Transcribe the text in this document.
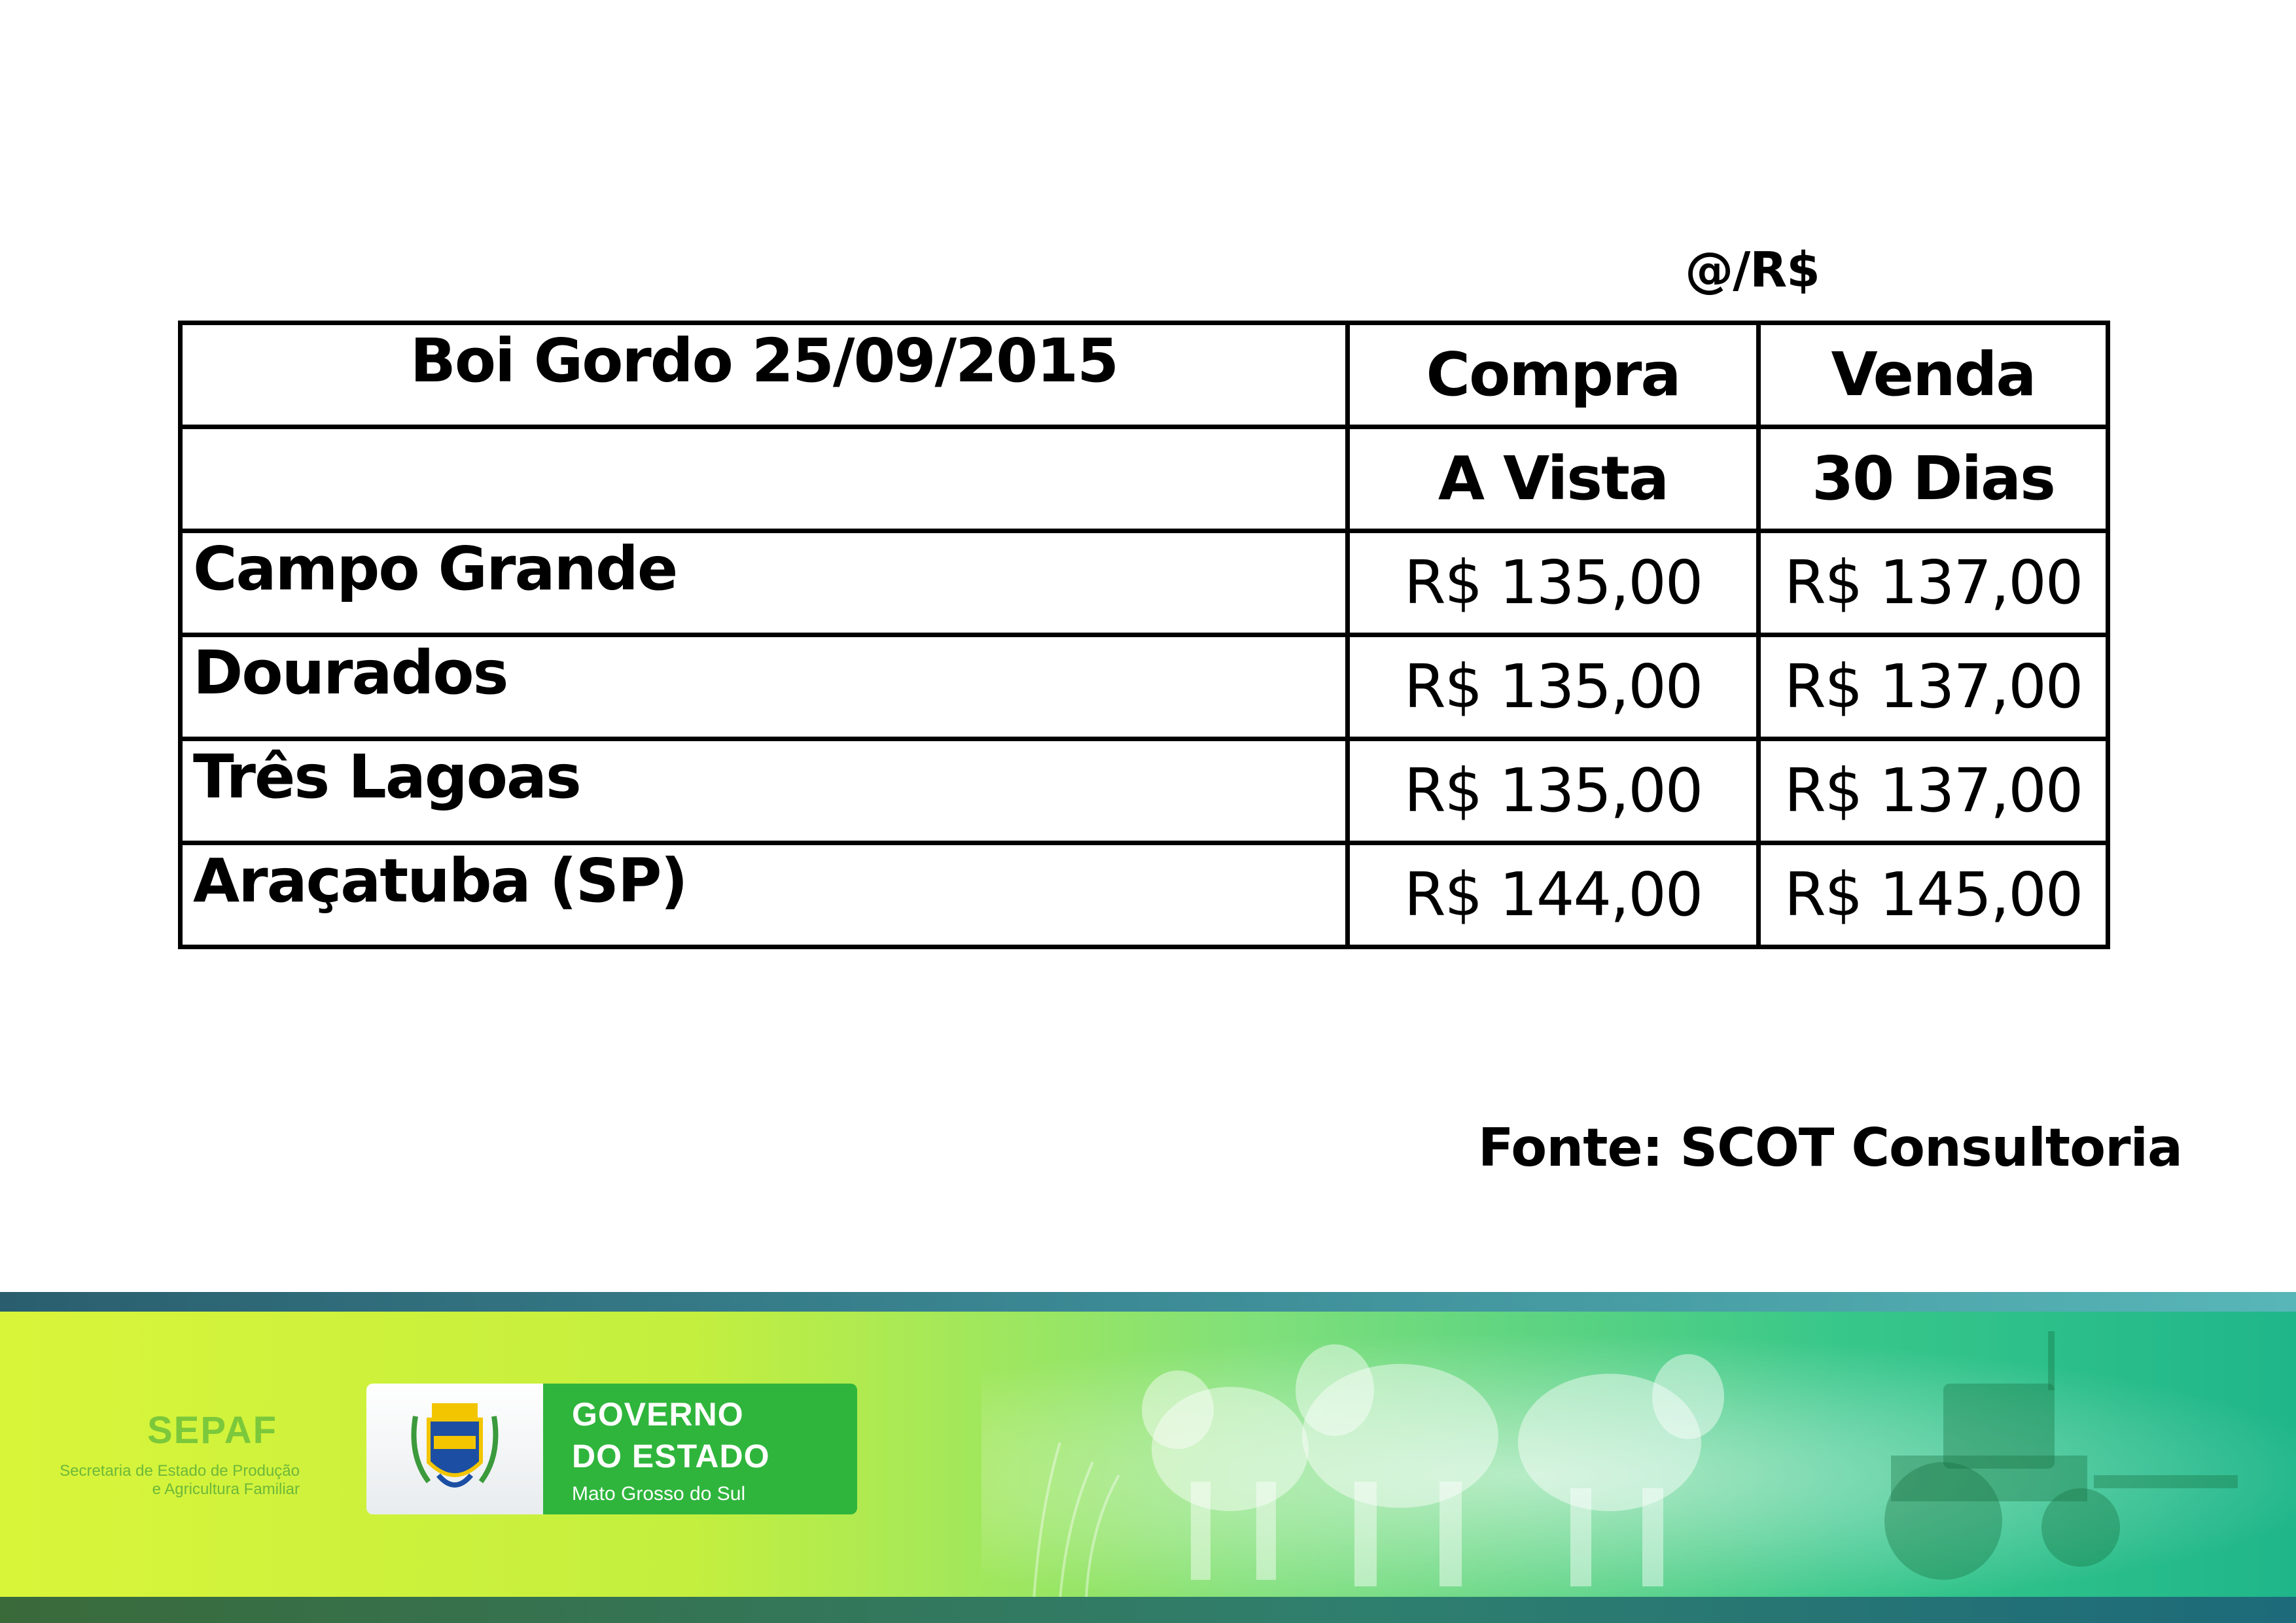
@/R$
Boi Gordo 25/09/2015	Compra	Venda
	A Vista	30 Dias
Campo Grande	R$ 135,00	R$ 137,00
Dourados	R$ 135,00	R$ 137,00
Três Lagoas	R$ 135,00	R$ 137,00
Araçatuba (SP)	R$ 144,00	R$ 145,00
Fonte: SCOT Consultoria
SEPAF
Secretaria de Estado de Produção
e Agricultura Familiar
GOVERNO
DO ESTADO
Mato Grosso do Sul
